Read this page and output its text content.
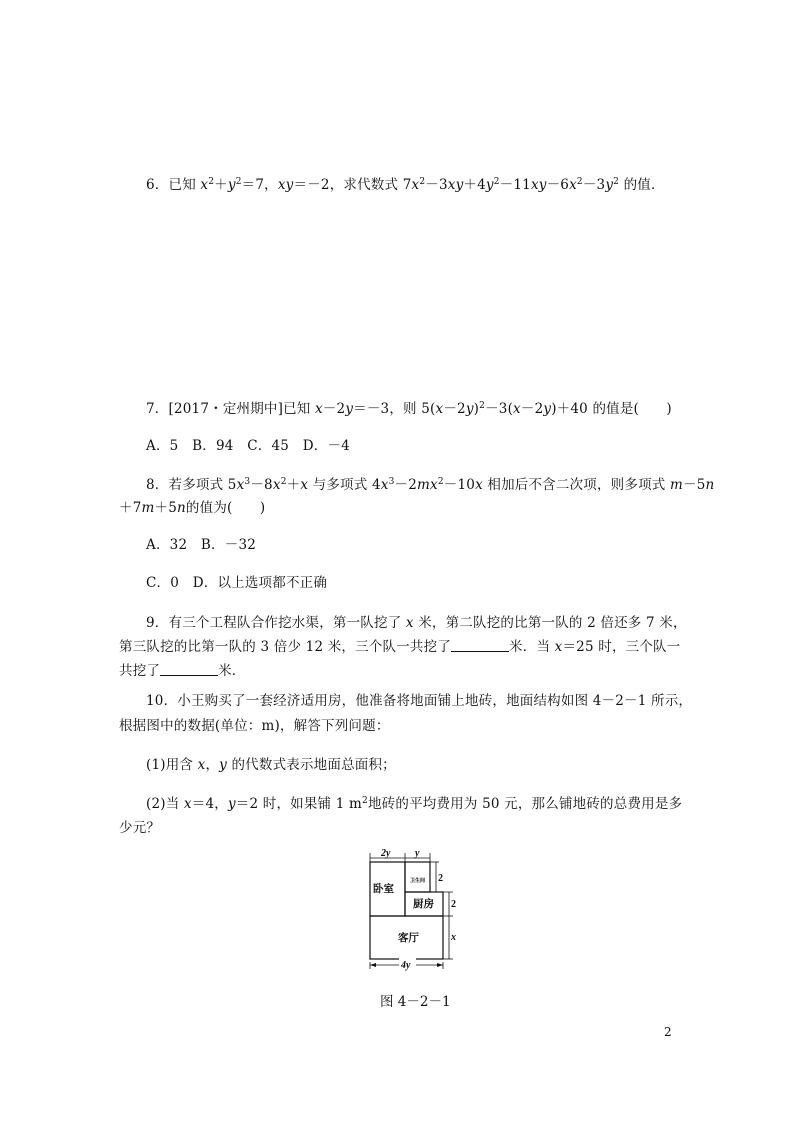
6．已知 $x^2+y^2=7$，xy＝－2，求代数式 $7x^2-3xy+4y^2-11xy-6x^2-3y^2$ 的值．
7．[2017・定州期中]已知 x－2y＝－3，则 $5(x-2y)^2-3(x-2y)+40$ 的值是(　　)
A．5　B．94　C．45　D．－4
8．若多项式 $5x^3-8x^2+x$ 与多项式 $4x^3-2mx^2-10x$ 相加后不含二次项，则多项式 m－5n
＋7m＋5n的值为(　　)
A．32　B．－32
C．0　D．以上选项都不正确
9．有三个工程队合作挖水渠，第一队挖了 x 米，第二队挖的比第一队的 2 倍还多 7 米，
第三队挖的比第一队的 3 倍少 12 米，三个队一共挖了	米．当 x＝25 时，三个队一
共挖了	米．
10．小王购买了一套经济适用房，他准备将地面铺上地砖，地面结构如图 4－2－1 所示，
根据图中的数据(单位：m)，解答下列问题：
(1)用含 x，y 的代数式表示地面总面积；
(2)当 x＝4，y＝2 时，如果铺 1 $m^2$地砖的平均费用为 50 元，那么铺地砖的总费用是多
少元？
2y y
卧室
卫生间
厨房
客厅
2
2
x
4y
图 4－2－1
2
